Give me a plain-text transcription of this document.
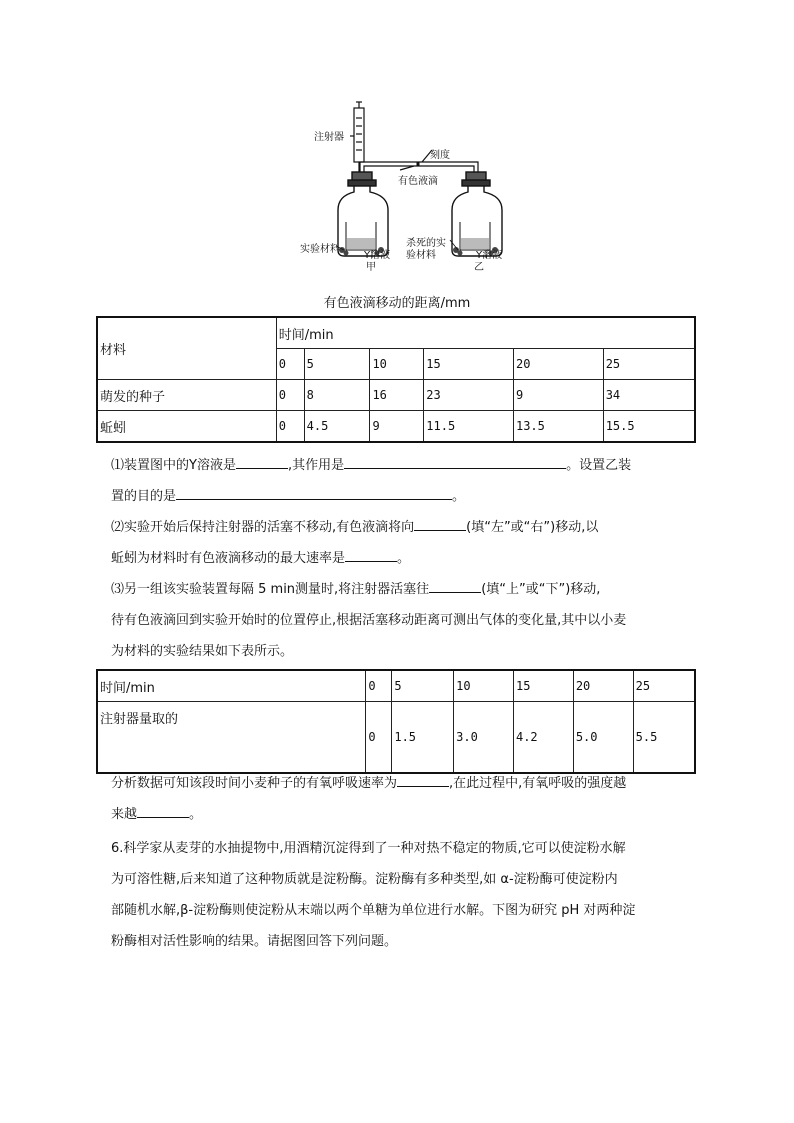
注射器
刻度
有色液滴
实验材料
Y溶液
甲
杀死的实
验材料	Y溶液
乙
有色液滴移动的距离/mm
材料	时间/min					
	0	5	10	15	20	25
萌发的种子	0	8	16	23	9	34
蚯蚓	0	4.5	9	11.5	13.5	15.5
⑴装置图中的Y溶液是	,其作用是	。设置乙装
置的目的是	。
⑵实验开始后保持注射器的活塞不移动,有色液滴将向	(填“左”或“右”)移动,以
蚯蚓为材料时有色液滴移动的最大速率是	。
⑶另一组该实验装置每隔 5 min测量时,将注射器活塞往	(填“上”或“下”)移动,
待有色液滴回到实验开始时的位置停止,根据活塞移动距离可测出气体的变化量,其中以小麦
为材料的实验结果如下表所示。
时间/min	0	5	10	15	20	25
注射器量取的	0	1.5	3.0	4.2	5.0	5.5
分析数据可知该段时间小麦种子的有氧呼吸速率为	,在此过程中,有氧呼吸的强度越
来越	。
6.科学家从麦芽的水抽提物中,用酒精沉淀得到了一种对热不稳定的物质,它可以使淀粉水解
为可溶性糖,后来知道了这种物质就是淀粉酶。淀粉酶有多种类型,如 α-淀粉酶可使淀粉内
部随机水解,β-淀粉酶则使淀粉从末端以两个单糖为单位进行水解。下图为研究 pH 对两种淀
粉酶相对活性影响的结果。请据图回答下列问题。
